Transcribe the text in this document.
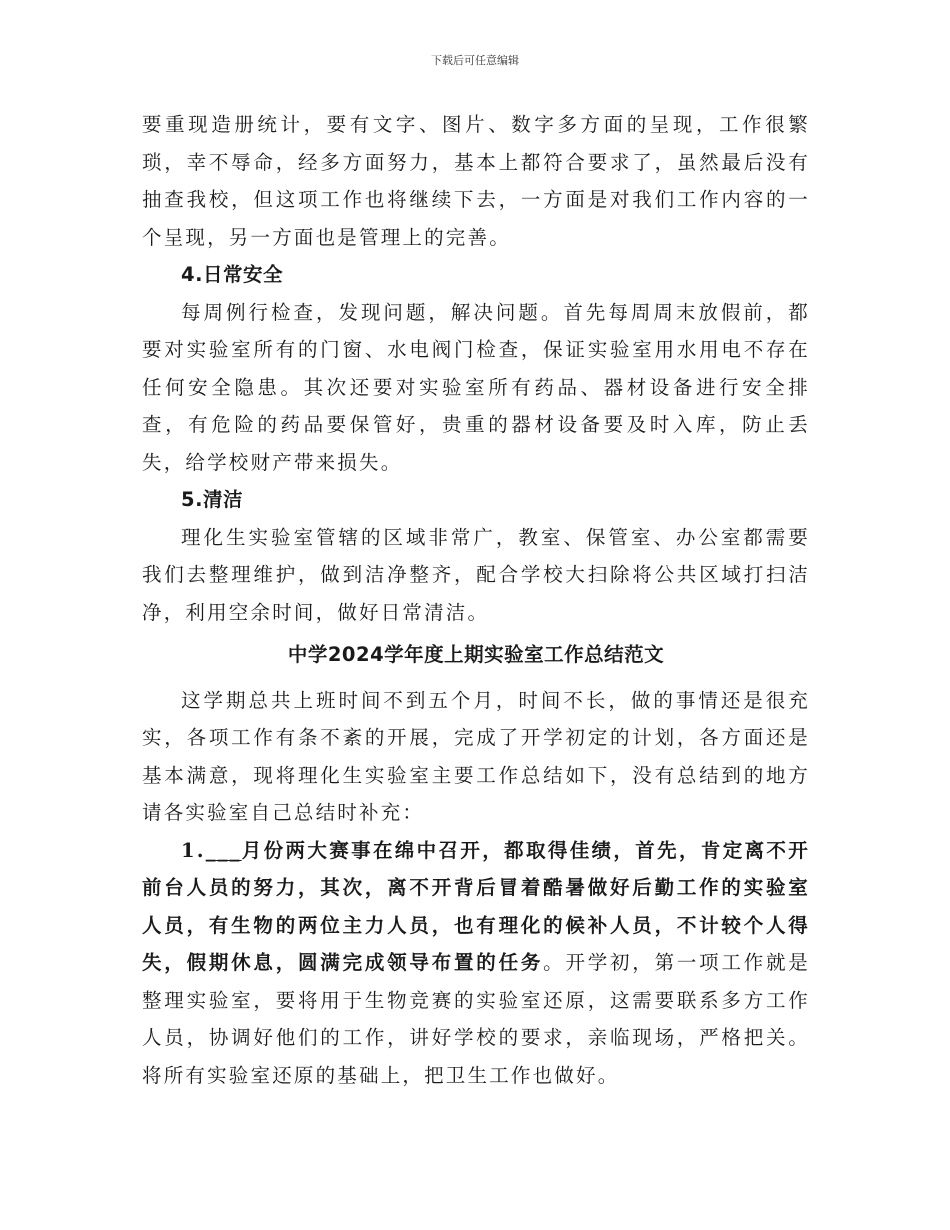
下载后可任意编辑

要重现造册统计，要有文字、图片、数字多方面的呈现，工作很繁琐，幸不辱命，经多方面努力，基本上都符合要求了，虽然最后没有抽查我校，但这项工作也将继续下去，一方面是对我们工作内容的一个呈现，另一方面也是管理上的完善。

4.日常安全

每周例行检查，发现问题，解决问题。首先每周周末放假前，都要对实验室所有的门窗、水电阀门检查，保证实验室用水用电不存在任何安全隐患。其次还要对实验室所有药品、器材设备进行安全排查，有危险的药品要保管好，贵重的器材设备要及时入库，防止丢失，给学校财产带来损失。

5.清洁

理化生实验室管辖的区域非常广，教室、保管室、办公室都需要我们去整理维护，做到洁净整齐，配合学校大扫除将公共区域打扫洁净，利用空余时间，做好日常清洁。

中学2024学年度上期实验室工作总结范文

这学期总共上班时间不到五个月，时间不长，做的事情还是很充实，各项工作有条不紊的开展，完成了开学初定的计划，各方面还是基本满意，现将理化生实验室主要工作总结如下，没有总结到的地方请各实验室自己总结时补充：

1.___月份两大赛事在绵中召开，都取得佳绩，首先，肯定离不开前台人员的努力，其次，离不开背后冒着酷暑做好后勤工作的实验室人员，有生物的两位主力人员，也有理化的候补人员，不计较个人得失，假期休息，圆满完成领导布置的任务。开学初，第一项工作就是整理实验室，要将用于生物竞赛的实验室还原，这需要联系多方工作人员，协调好他们的工作，讲好学校的要求，亲临现场，严格把关。将所有实验室还原的基础上，把卫生工作也做好。
